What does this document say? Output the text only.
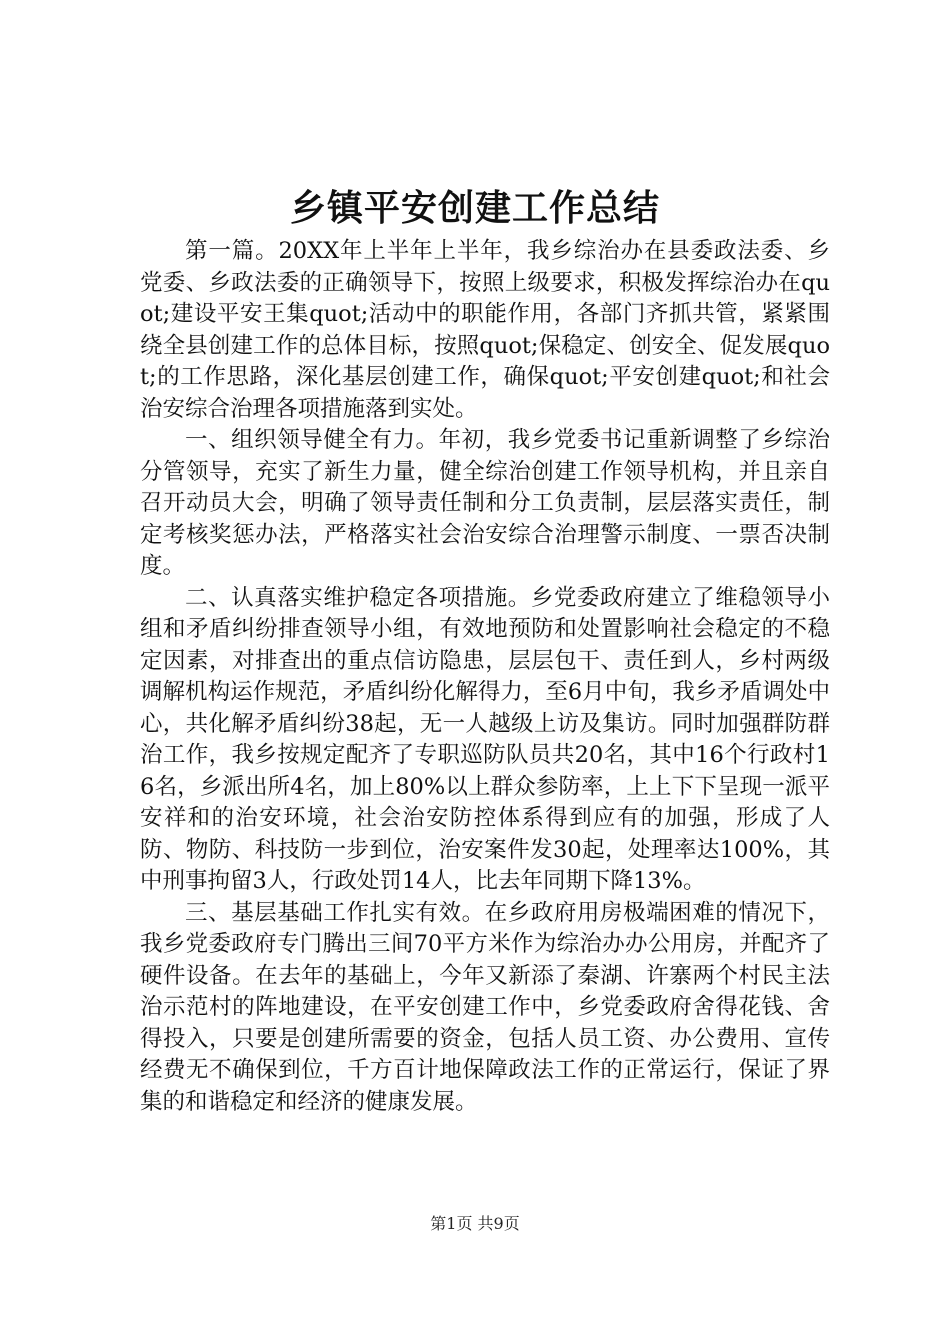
乡镇平安创建工作总结

第一篇。20XX年上半年上半年，我乡综治办在县委政法委、乡党委、乡政法委的正确领导下，按照上级要求，积极发挥综治办在quot;建设平安王集quot;活动中的职能作用，各部门齐抓共管，紧紧围绕全县创建工作的总体目标，按照quot;保稳定、创安全、促发展quot;的工作思路，深化基层创建工作，确保quot;平安创建quot;和社会治安综合治理各项措施落到实处。

一、组织领导健全有力。年初，我乡党委书记重新调整了乡综治分管领导，充实了新生力量，健全综治创建工作领导机构，并且亲自召开动员大会，明确了领导责任制和分工负责制，层层落实责任，制定考核奖惩办法，严格落实社会治安综合治理警示制度、一票否决制度。

二、认真落实维护稳定各项措施。乡党委政府建立了维稳领导小组和矛盾纠纷排查领导小组，有效地预防和处置影响社会稳定的不稳定因素，对排查出的重点信访隐患，层层包干、责任到人，乡村两级调解机构运作规范，矛盾纠纷化解得力，至6月中旬，我乡矛盾调处中心，共化解矛盾纠纷38起，无一人越级上访及集访。同时加强群防群治工作，我乡按规定配齐了专职巡防队员共20名，其中16个行政村16名，乡派出所4名，加上80%以上群众参防率，上上下下呈现一派平安祥和的治安环境，社会治安防控体系得到应有的加强，形成了人防、物防、科技防一步到位，治安案件发30起，处理率达100%，其中刑事拘留3人，行政处罚14人，比去年同期下降13%。

三、基层基础工作扎实有效。在乡政府用房极端困难的情况下，我乡党委政府专门腾出三间70平方米作为综治办办公用房，并配齐了硬件设备。在去年的基础上，今年又新添了秦湖、许寨两个村民主法治示范村的阵地建设，在平安创建工作中，乡党委政府舍得花钱、舍得投入，只要是创建所需要的资金，包括人员工资、办公费用、宣传经费无不确保到位，千方百计地保障政法工作的正常运行，保证了界集的和谐稳定和经济的健康发展。

第1页 共9页
